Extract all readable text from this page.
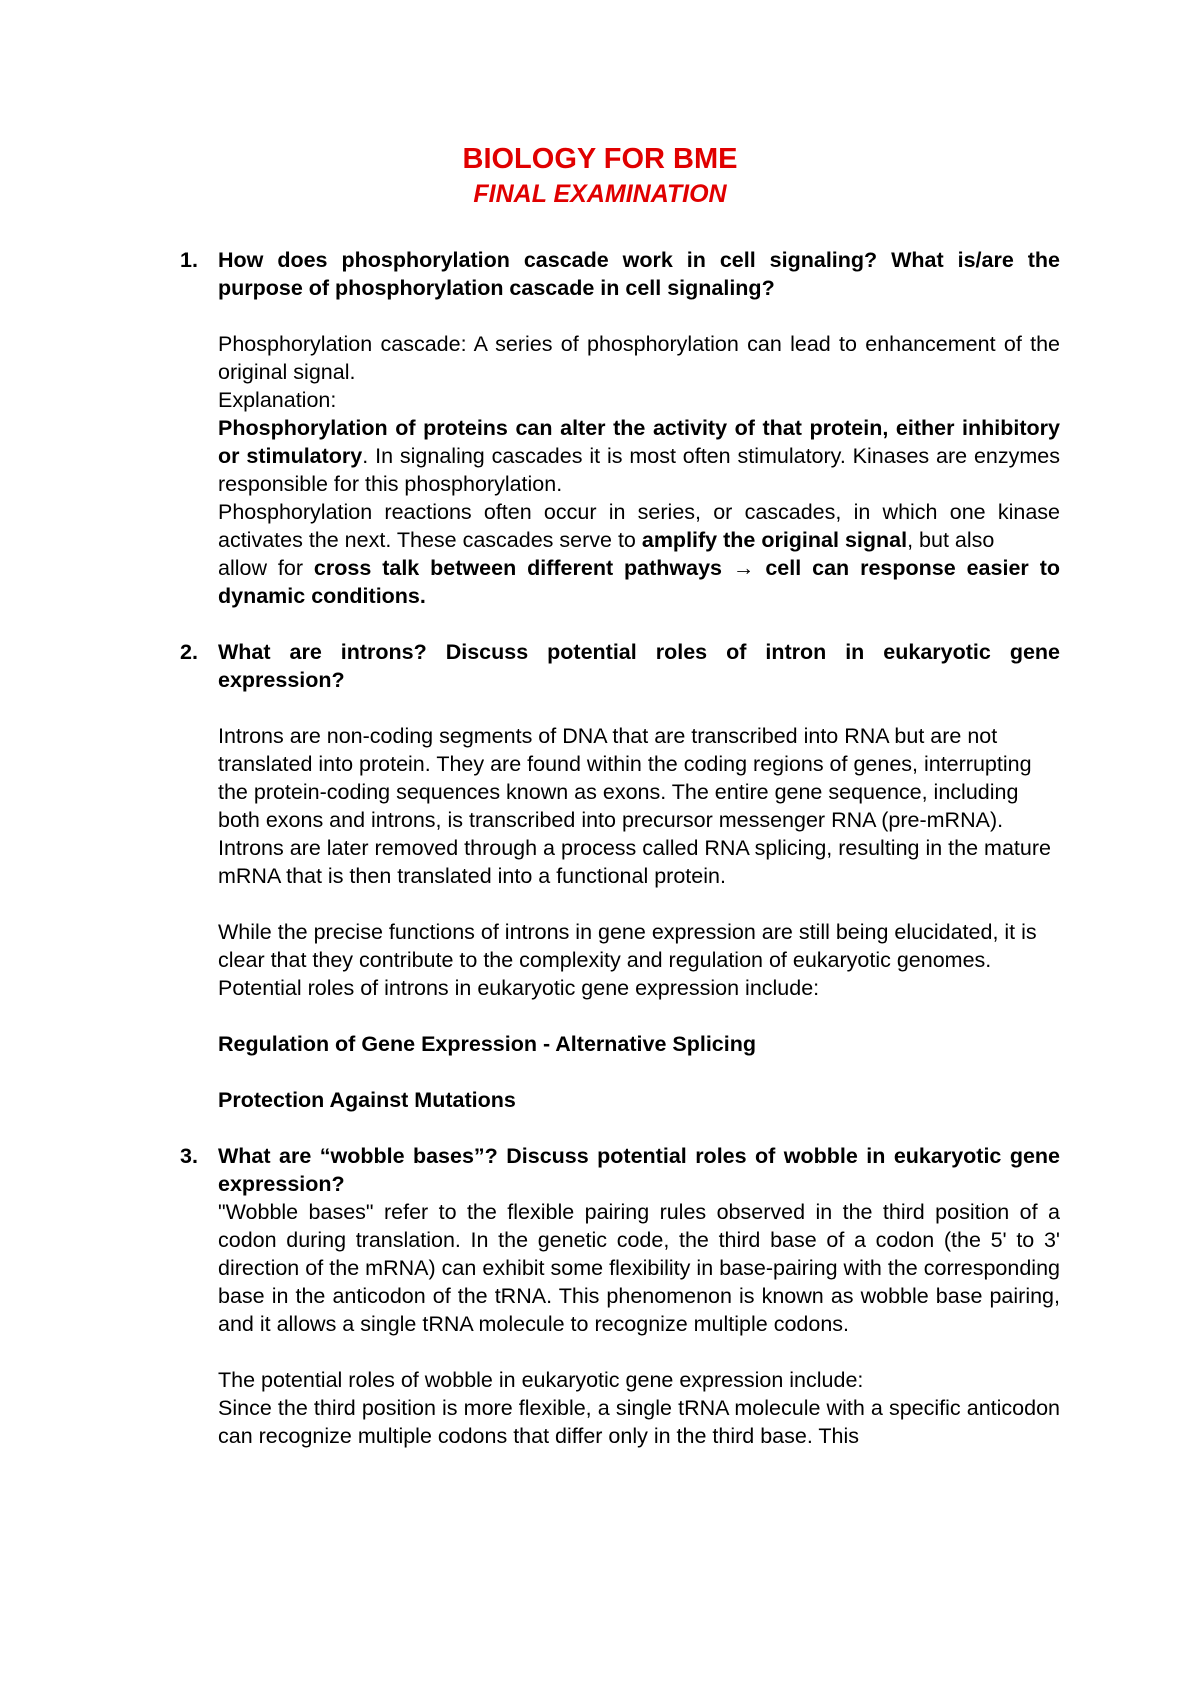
BIOLOGY FOR BME
FINAL EXAMINATION
1. How does phosphorylation cascade work in cell signaling? What is/are the purpose of phosphorylation cascade in cell signaling?
Phosphorylation cascade: A series of phosphorylation can lead to enhancement of the original signal.
Explanation:
Phosphorylation of proteins can alter the activity of that protein, either inhibitory or stimulatory. In signaling cascades it is most often stimulatory. Kinases are enzymes responsible for this phosphorylation.
Phosphorylation reactions often occur in series, or cascades, in which one kinase activates the next. These cascades serve to amplify the original signal, but also
allow for cross talk between different pathways → cell can response easier to dynamic conditions.
2. What are introns? Discuss potential roles of intron in eukaryotic gene expression?
Introns are non-coding segments of DNA that are transcribed into RNA but are not translated into protein. They are found within the coding regions of genes, interrupting the protein-coding sequences known as exons. The entire gene sequence, including both exons and introns, is transcribed into precursor messenger RNA (pre-mRNA). Introns are later removed through a process called RNA splicing, resulting in the mature mRNA that is then translated into a functional protein.
While the precise functions of introns in gene expression are still being elucidated, it is clear that they contribute to the complexity and regulation of eukaryotic genomes. Potential roles of introns in eukaryotic gene expression include:
Regulation of Gene Expression - Alternative Splicing
Protection Against Mutations
3. What are “wobble bases”? Discuss potential roles of wobble in eukaryotic gene expression?
"Wobble bases" refer to the flexible pairing rules observed in the third position of a codon during translation. In the genetic code, the third base of a codon (the 5' to 3' direction of the mRNA) can exhibit some flexibility in base-pairing with the corresponding base in the anticodon of the tRNA. This phenomenon is known as wobble base pairing, and it allows a single tRNA molecule to recognize multiple codons.
The potential roles of wobble in eukaryotic gene expression include:
Since the third position is more flexible, a single tRNA molecule with a specific anticodon can recognize multiple codons that differ only in the third base. This
